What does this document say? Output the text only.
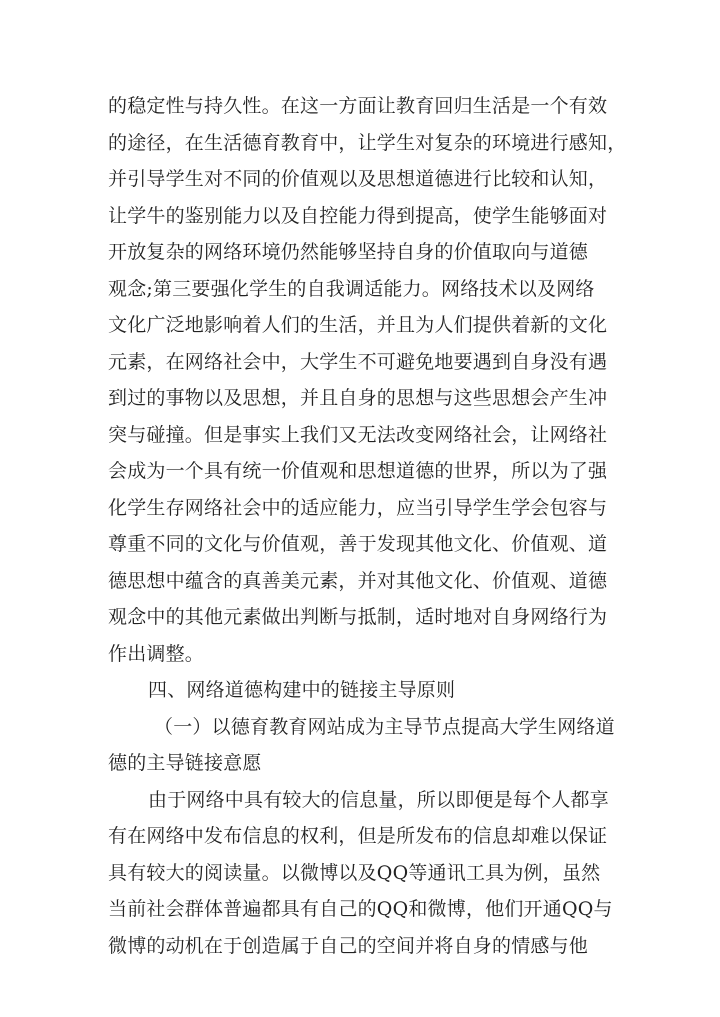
的稳定性与持久性。在这一方面让教育回归生活是一个有效
的途径，在生活德育教育中，让学生对复杂的环境进行感知，
并引导学生对不同的价值观以及思想道德进行比较和认知，
让学牛的鉴别能力以及自控能力得到提高，使学生能够面对
开放复杂的网络环境仍然能够坚持自身的价值取向与道德
观念;第三要强化学生的自我调适能力。网络技术以及网络
文化广泛地影响着人们的生活，并且为人们提供着新的文化
元素，在网络社会中，大学生不可避免地要遇到自身没有遇
到过的事物以及思想，并且自身的思想与这些思想会产生冲
突与碰撞。但是事实上我们又无法改变网络社会，让网络社
会成为一个具有统一价值观和思想道德的世界，所以为了强
化学生存网络社会中的适应能力，应当引导学生学会包容与
尊重不同的文化与价值观，善于发现其他文化、价值观、道
德思想中蕴含的真善美元素，并对其他文化、价值观、道德
观念中的其他元素做出判断与抵制，适时地对自身网络行为
作出调整。
四、网络道德构建中的链接主导原则
（一）以德育教育网站成为主导节点提高大学生网络道
德的主导链接意愿
由于网络中具有较大的信息量，所以即便是每个人都享
有在网络中发布信息的权利，但是所发布的信息却难以保证
具有较大的阅读量。以微博以及QQ等通讯工具为例，虽然
当前社会群体普遍都具有自己的QQ和微博，他们开通QQ与
微博的动机在于创造属于自己的空间并将自身的情感与他
